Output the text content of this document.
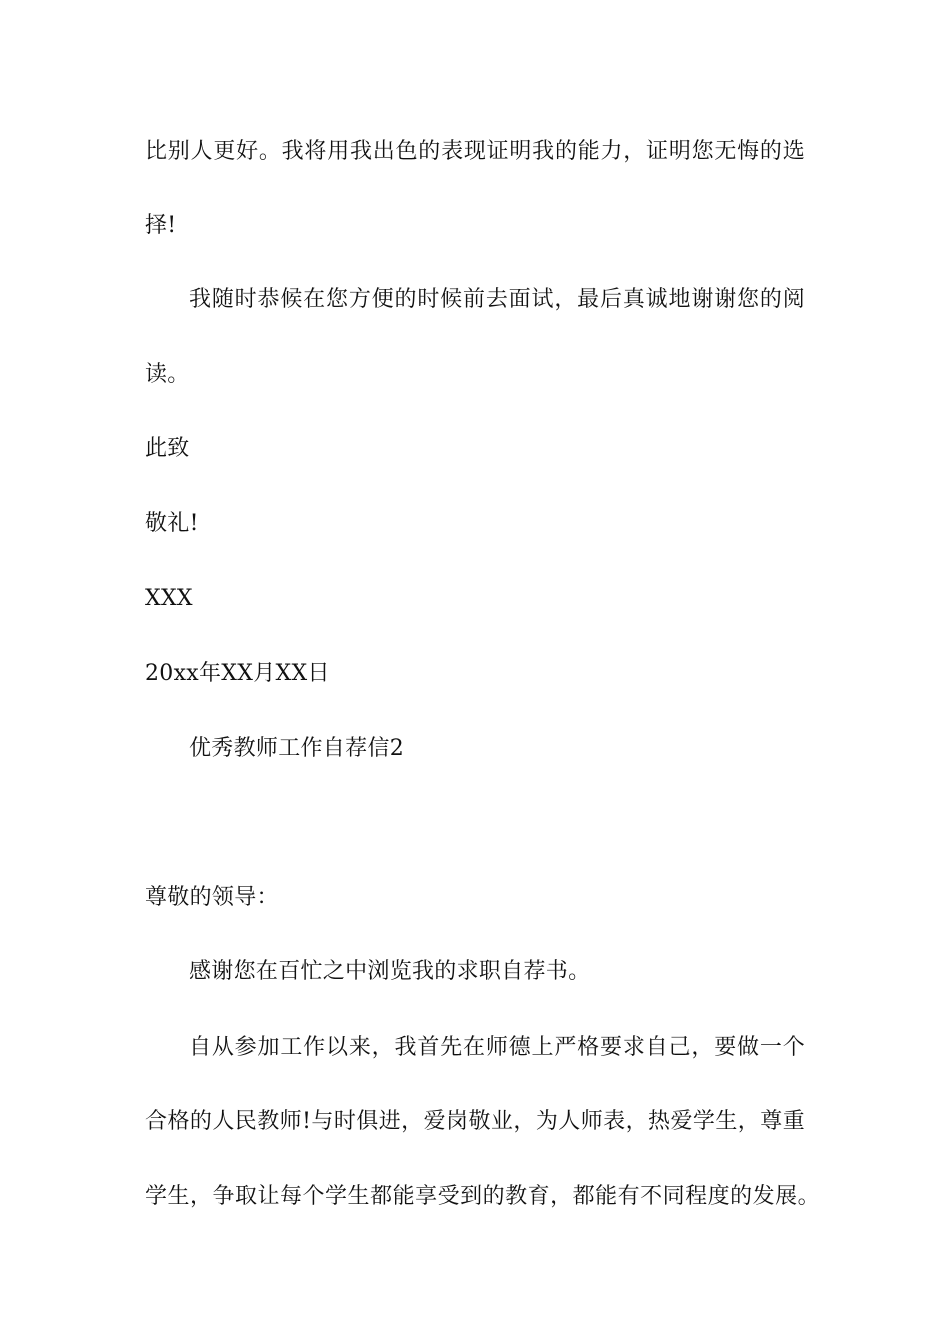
比别人更好。我将用我出色的表现证明我的能力，证明您无悔的选
择!
我随时恭候在您方便的时候前去面试，最后真诚地谢谢您的阅
读。
此致
敬礼!
XXX
20xx年XX月XX日
优秀教师工作自荐信2
尊敬的领导：
感谢您在百忙之中浏览我的求职自荐书。
自从参加工作以来，我首先在师德上严格要求自己，要做一个
合格的人民教师!与时俱进，爱岗敬业，为人师表，热爱学生，尊重
学生，争取让每个学生都能享受到的教育，都能有不同程度的发展。
